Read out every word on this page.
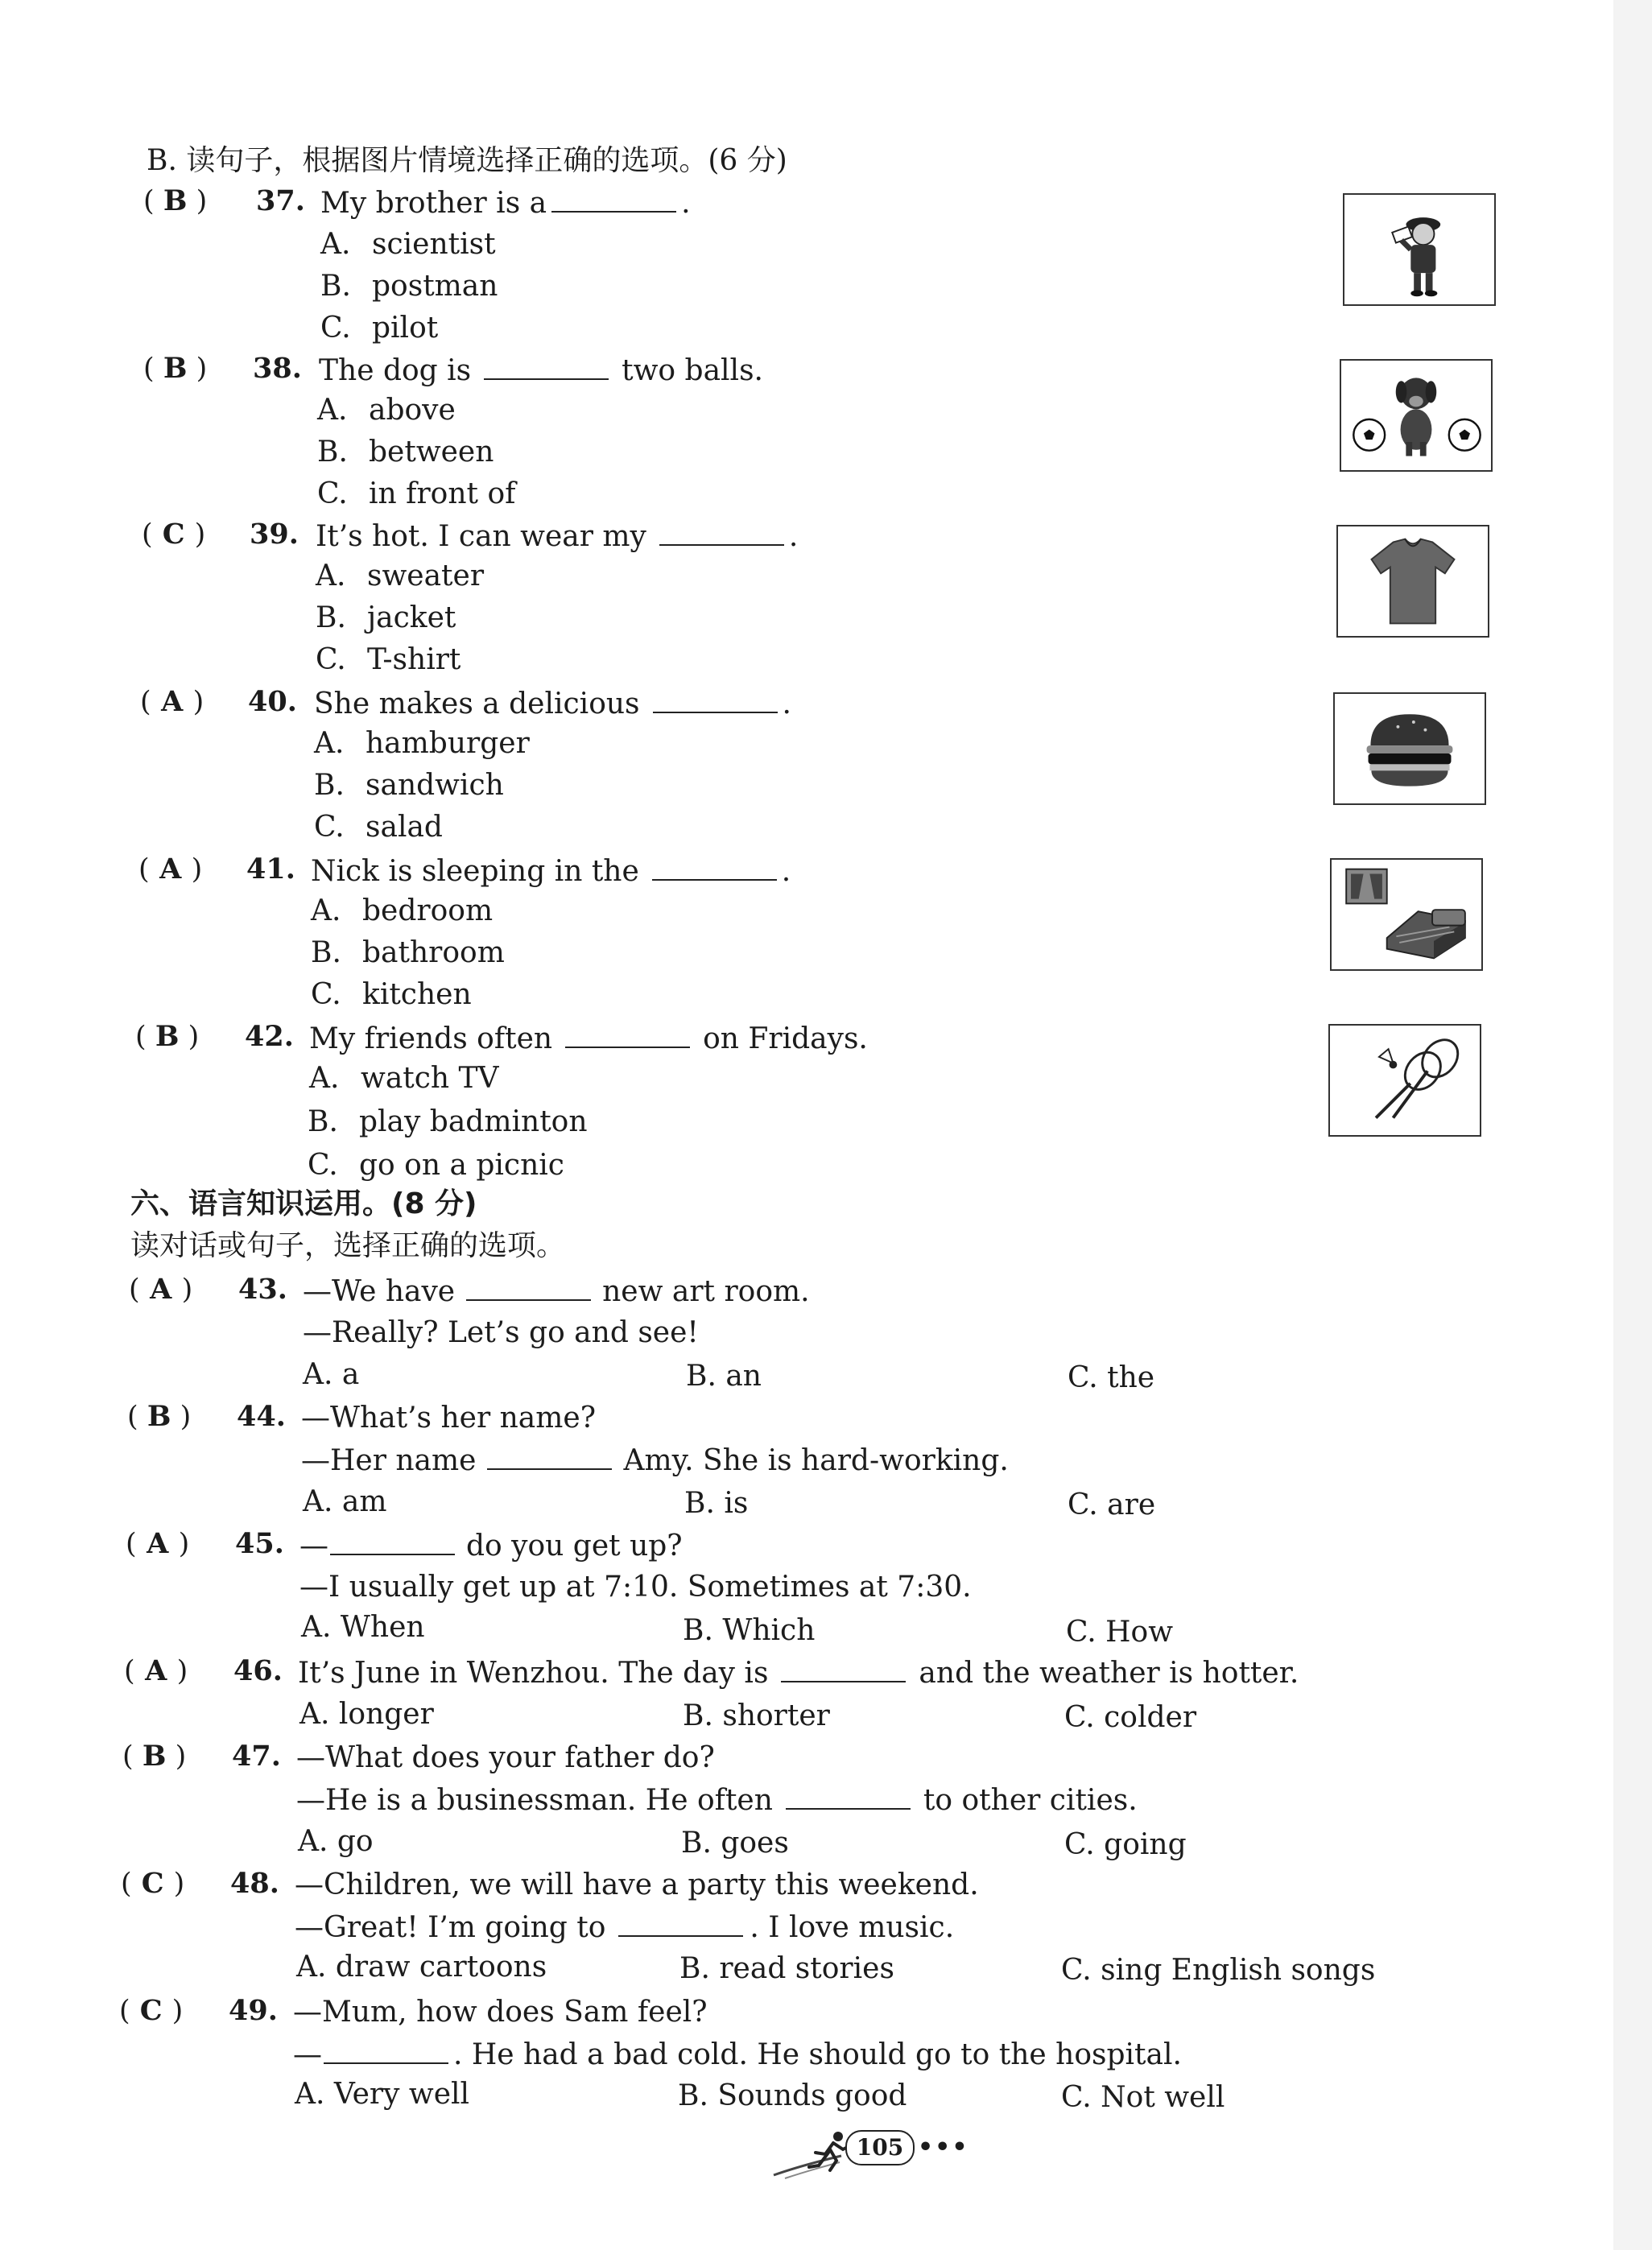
B. 读句子，根据图片情境选择正确的选项。(6 分)
( B ) 37. My brother is a	.
A. scientist
B. postman
C. pilot
( B ) 38. The dog is	two balls.
A. above
B. between
C. in front of
( C ) 39. It’s hot. I can wear my	.
A. sweater
B. jacket
C. T-shirt
( A ) 40. She makes a delicious	.
A. hamburger
B. sandwich
C. salad
( A ) 41. Nick is sleeping in the	.
A. bedroom
B. bathroom
C. kitchen
( B ) 42. My friends often	on Fridays.
A. watch TV
B. play badminton
C. go on a picnic
六、语言知识运用。(8 分)
读对话或句子，选择正确的选项。
( A ) 43. —We have	new art room.
—Really? Let’s go and see!
A. a	B. an	C. the
( B ) 44. —What’s her name?
—Her name	Amy. She is hard-working.
A. am	B. is	C. are
( A ) 45. —	do you get up?
—I usually get up at 7:10. Sometimes at 7:30.
A. When	B. Which	C. How
( A ) 46. It’s June in Wenzhou. The day is	and the weather is hotter.
A. longer	B. shorter	C. colder
( B ) 47. —What does your father do?
—He is a businessman. He often	to other cities.
A. go	B. goes	C. going
( C ) 48. —Children, we will have a party this weekend.
—Great! I’m going to	. I love music.
A. draw cartoons	B. read stories	C. sing English songs
( C ) 49. —Mum, how does Sam feel?
—	. He had a bad cold. He should go to the hospital.
A. Very well	B. Sounds good	C. Not well
105 •••
